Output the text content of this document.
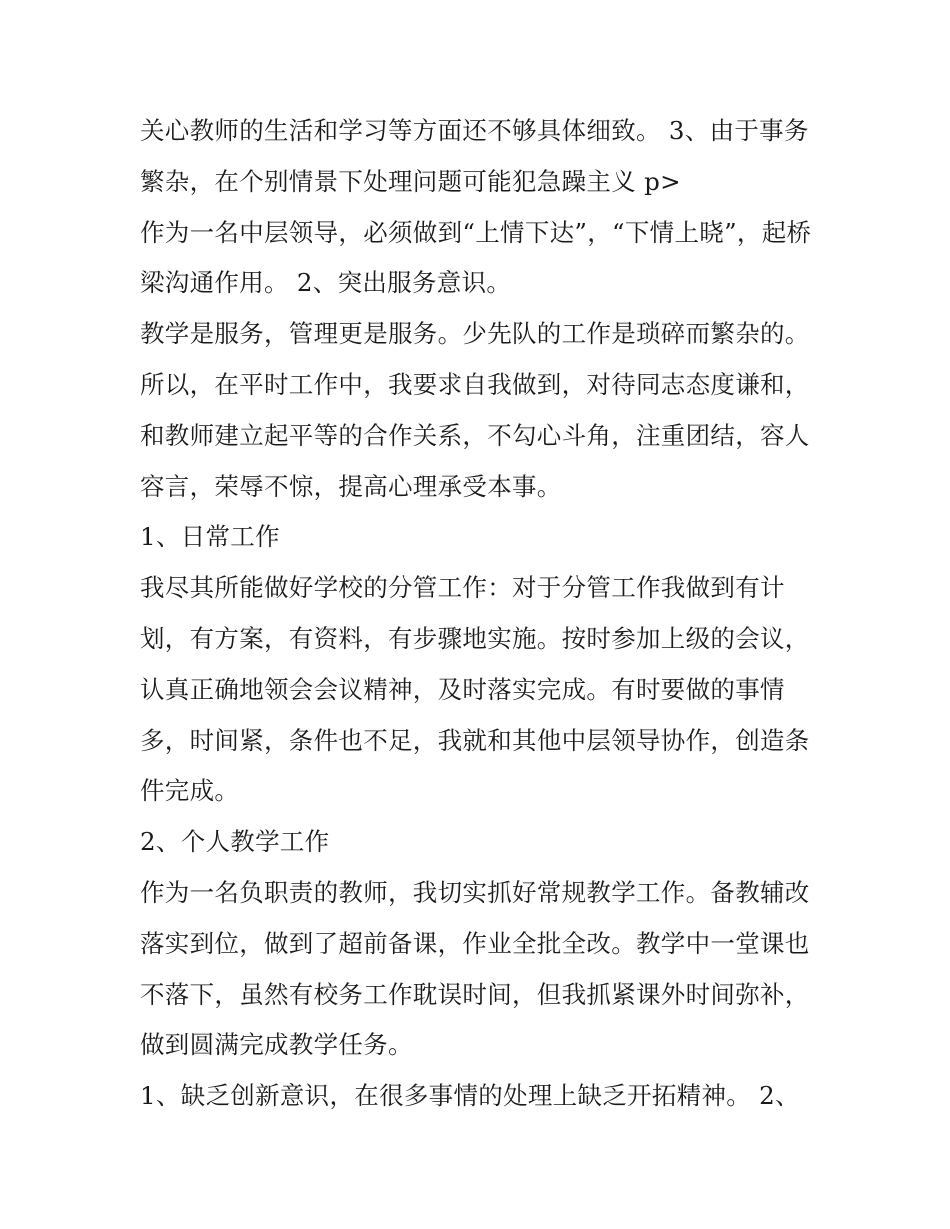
关心教师的生活和学习等方面还不够具体细致。 3、由于事务
繁杂，在个别情景下处理问题可能犯急躁主义 p>
作为一名中层领导，必须做到“上情下达”，“下情上晓”，起桥
梁沟通作用。 2、突出服务意识。
教学是服务，管理更是服务。少先队的工作是琐碎而繁杂的。
所以，在平时工作中，我要求自我做到，对待同志态度谦和，
和教师建立起平等的合作关系，不勾心斗角，注重团结，容人
容言，荣辱不惊，提高心理承受本事。
1、日常工作
我尽其所能做好学校的分管工作：对于分管工作我做到有计
划，有方案，有资料，有步骤地实施。按时参加上级的会议，
认真正确地领会会议精神，及时落实完成。有时要做的事情
多，时间紧，条件也不足，我就和其他中层领导协作，创造条
件完成。
2、个人教学工作
作为一名负职责的教师，我切实抓好常规教学工作。备教辅改
落实到位，做到了超前备课，作业全批全改。教学中一堂课也
不落下，虽然有校务工作耽误时间，但我抓紧课外时间弥补，
做到圆满完成教学任务。
1、缺乏创新意识，在很多事情的处理上缺乏开拓精神。 2、
